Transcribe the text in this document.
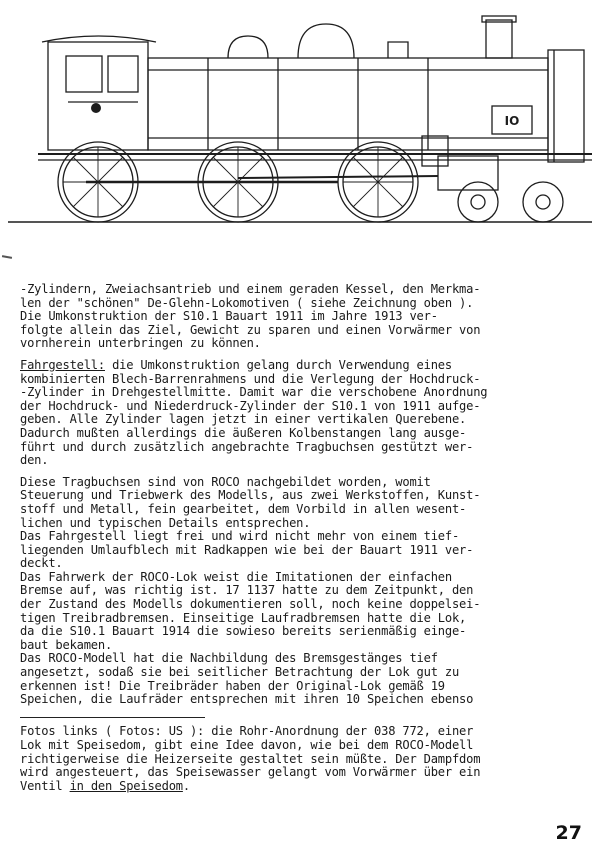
IO

-Zylindern, Zweiachsantrieb und einem geraden Kessel, den Merkma-
len der "schönen" De-Glehn-Lokomotiven ( siehe Zeichnung oben ).
Die Umkonstruktion der S10.1 Bauart 1911 im Jahre 1913 ver-
folgte allein das Ziel, Gewicht zu sparen und einen Vorwärmer von
vornherein unterbringen zu können.

Fahrgestell: die Umkonstruktion gelang durch Verwendung eines
kombinierten Blech-Barrenrahmens und die Verlegung der Hochdruck-
-Zylinder in Drehgestellmitte. Damit war die verschobene Anordnung
der Hochdruck- und Niederdruck-Zylinder der S10.1 von 1911 aufge-
geben. Alle Zylinder lagen jetzt in einer vertikalen Querebene.
Dadurch mußten allerdings die äußeren Kolbenstangen lang ausge-
führt und durch zusätzlich angebrachte Tragbuchsen gestützt wer-
den.

Diese Tragbuchsen sind von ROCO nachgebildet worden, womit
Steuerung und Triebwerk des Modells, aus zwei Werkstoffen, Kunst-
stoff und Metall, fein gearbeitet, dem Vorbild in allen wesent-
lichen und typischen Details entsprechen.
Das Fahrgestell liegt frei und wird nicht mehr von einem tief-
liegenden Umlaufblech mit Radkappen wie bei der Bauart 1911 ver-
deckt.
Das Fahrwerk der ROCO-Lok weist die Imitationen der einfachen
Bremse auf, was richtig ist. 17 1137 hatte zu dem Zeitpunkt, den
der Zustand des Modells dokumentieren soll, noch keine doppelsei-
tigen Treibradbremsen. Einseitige Laufradbremsen hatte die Lok,
da die S10.1 Bauart 1914 die sowieso bereits serienmäßig einge-
baut bekamen.
Das ROCO-Modell hat die Nachbildung des Bremsgestänges tief
angesetzt, sodaß sie bei seitlicher Betrachtung der Lok gut zu
erkennen ist! Die Treibräder haben der Original-Lok gemäß 19
Speichen, die Laufräder entsprechen mit ihren 10 Speichen ebenso

Fotos links ( Fotos: US ): die Rohr-Anordnung der 038 772, einer
Lok mit Speisedom, gibt eine Idee davon, wie bei dem ROCO-Modell
richtigerweise die Heizerseite gestaltet sein müßte. Der Dampfdom
wird angesteuert, das Speisewasser gelangt vom Vorwärmer über ein
Ventil in den Speisedom.

27
